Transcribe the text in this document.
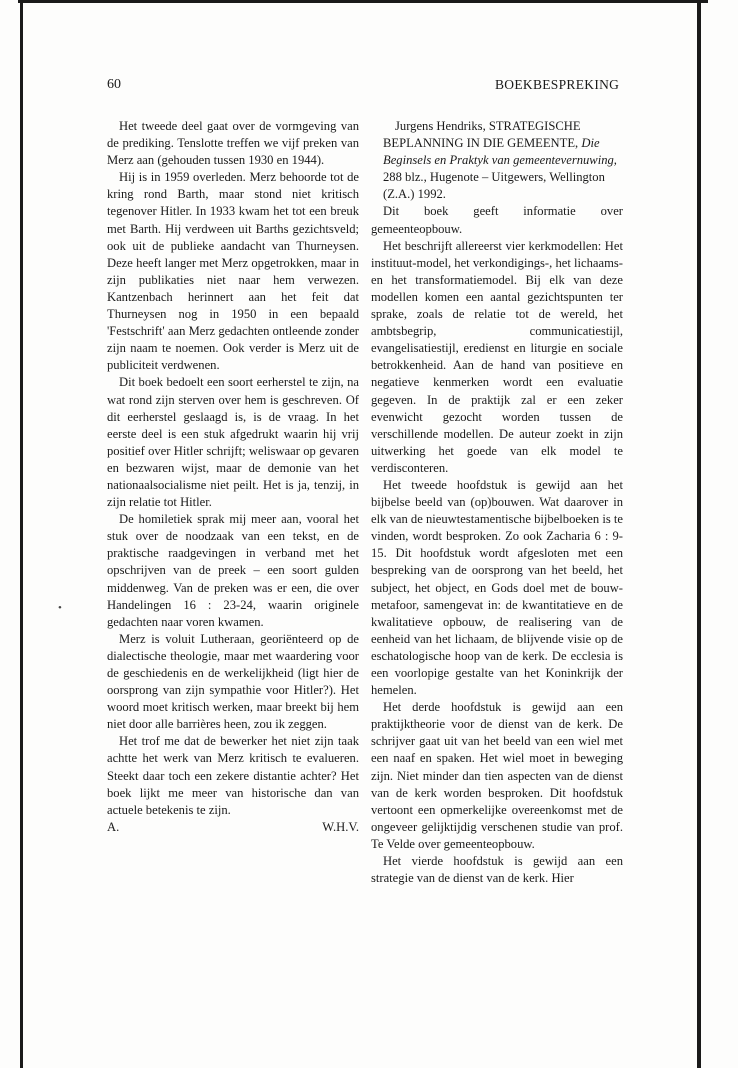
60	BOEKBESPREKING
•

Het tweede deel gaat over de vormgeving van de prediking. Tenslotte treffen we vijf preken van Merz aan (gehouden tussen 1930 en 1944).

Hij is in 1959 overleden. Merz behoorde tot de kring rond Barth, maar stond niet kritisch tegenover Hitler. In 1933 kwam het tot een breuk met Barth. Hij verdween uit Barths gezichtsveld; ook uit de publieke aandacht van Thurneysen. Deze heeft langer met Merz opgetrokken, maar in zijn publikaties niet naar hem verwezen. Kantzenbach herinnert aan het feit dat Thurneysen nog in 1950 in een bepaald 'Festschrift' aan Merz gedachten ontleende zonder zijn naam te noemen. Ook verder is Merz uit de publiciteit verdwenen.

Dit boek bedoelt een soort eerherstel te zijn, na wat rond zijn sterven over hem is geschreven. Of dit eerherstel geslaagd is, is de vraag. In het eerste deel is een stuk afgedrukt waarin hij vrij positief over Hitler schrijft; weliswaar op gevaren en bezwaren wijst, maar de demonie van het nationaalsocialisme niet peilt. Het is ja, tenzij, in zijn relatie tot Hitler.

De homiletiek sprak mij meer aan, vooral het stuk over de noodzaak van een tekst, en de praktische raadgevingen in verband met het opschrijven van de preek – een soort gulden middenweg. Van de preken was er een, die over Handelingen 16 : 23-24, waarin originele gedachten naar voren kwamen.

Merz is voluit Lutheraan, georiënteerd op de dialectische theologie, maar met waardering voor de geschiedenis en de werkelijkheid (ligt hier de oorsprong van zijn sympathie voor Hitler?). Het woord moet kritisch werken, maar breekt bij hem niet door alle barrières heen, zou ik zeggen.

Het trof me dat de bewerker het niet zijn taak achtte het werk van Merz kritisch te evalueren. Steekt daar toch een zekere distantie achter? Het boek lijkt me meer van historische dan van actuele betekenis te zijn.

A.	W.H.V.

Jurgens Hendriks, STRATEGISCHE BEPLANNING IN DIE GEMEENTE, Die Beginsels en Praktyk van gemeentevernuwing, 288 blz., Hugenote – Uitgewers, Wellington (Z.A.) 1992.

Dit boek geeft informatie over gemeenteopbouw.

Het beschrijft allereerst vier kerkmodellen: Het instituut-model, het verkondigings-, het lichaams- en het transformatiemodel. Bij elk van deze modellen komen een aantal gezichtspunten ter sprake, zoals de relatie tot de wereld, het ambtsbegrip, communicatiestijl, evangelisatiestijl, eredienst en liturgie en sociale betrokkenheid. Aan de hand van positieve en negatieve kenmerken wordt een evaluatie gegeven. In de praktijk zal er een zeker evenwicht gezocht worden tussen de verschillende modellen. De auteur zoekt in zijn uitwerking het goede van elk model te verdisconteren.

Het tweede hoofdstuk is gewijd aan het bijbelse beeld van (op)bouwen. Wat daarover in elk van de nieuwtestamentische bijbelboeken is te vinden, wordt besproken. Zo ook Zacharia 6 : 9-15. Dit hoofdstuk wordt afgesloten met een bespreking van de oorsprong van het beeld, het subject, het object, en Gods doel met de bouw-metafoor, samengevat in: de kwantitatieve en de kwalitatieve opbouw, de realisering van de eenheid van het lichaam, de blijvende visie op de eschatologische hoop van de kerk. De ecclesia is een voorlopige gestalte van het Koninkrijk der hemelen.

Het derde hoofdstuk is gewijd aan een praktijktheorie voor de dienst van de kerk. De schrijver gaat uit van het beeld van een wiel met een naaf en spaken. Het wiel moet in beweging zijn. Niet minder dan tien aspecten van de dienst van de kerk worden besproken. Dit hoofdstuk vertoont een opmerkelijke overeenkomst met de ongeveer gelijktijdig verschenen studie van prof. Te Velde over gemeenteopbouw.

Het vierde hoofdstuk is gewijd aan een strategie van de dienst van de kerk. Hier
